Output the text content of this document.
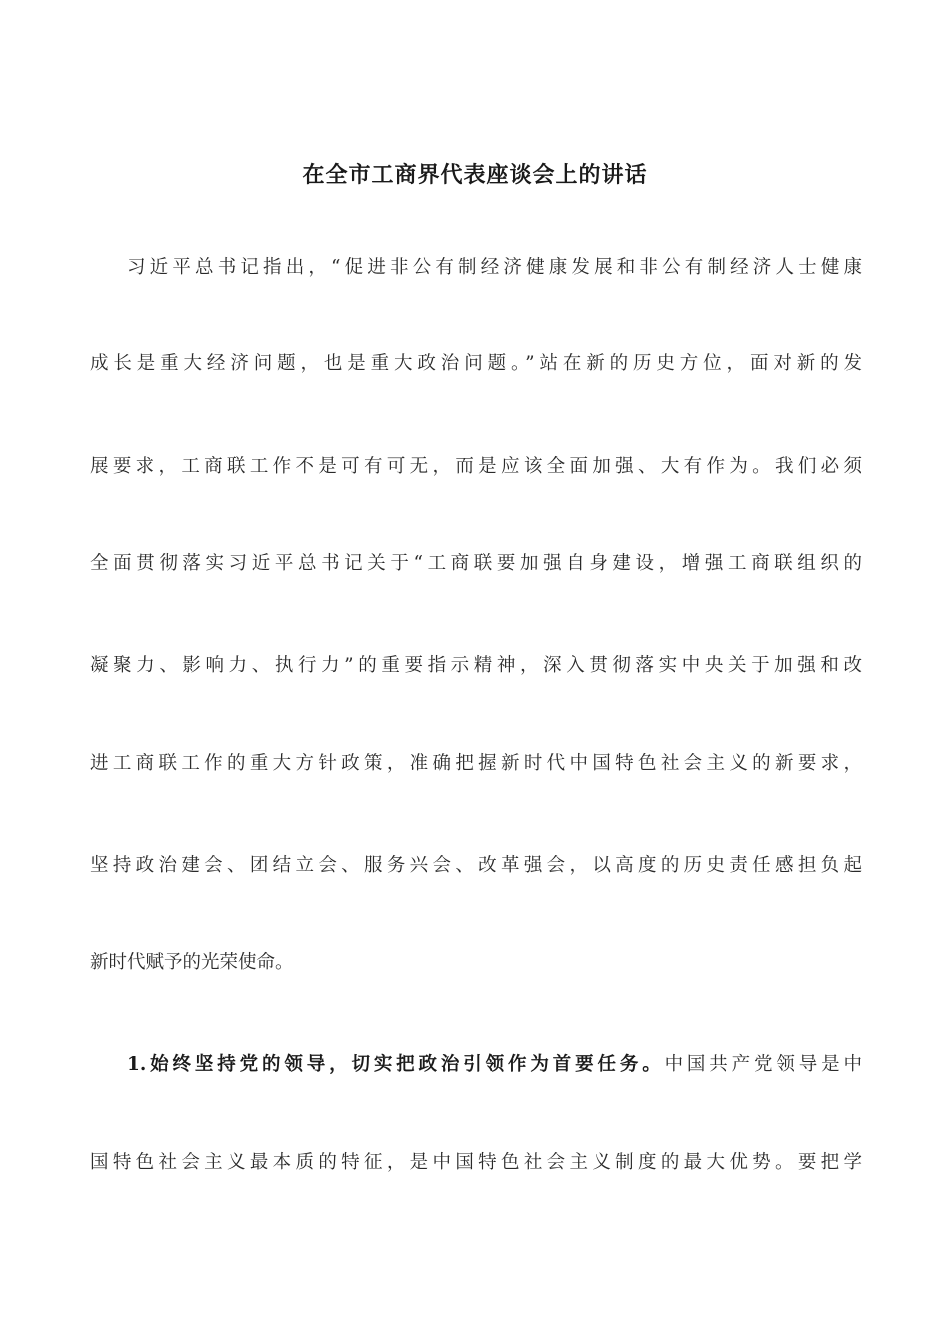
在全市工商界代表座谈会上的讲话
习近平总书记指出，“促进非公有制经济健康发展和非公有制经济人士健康
成长是重大经济问题，也是重大政治问题。”站在新的历史方位，面对新的发
展要求，工商联工作不是可有可无，而是应该全面加强、大有作为。我们必须
全面贯彻落实习近平总书记关于“工商联要加强自身建设，增强工商联组织的
凝聚力、影响力、执行力”的重要指示精神，深入贯彻落实中央关于加强和改
进工商联工作的重大方针政策，准确把握新时代中国特色社会主义的新要求，
坚持政治建会、团结立会、服务兴会、改革强会，以高度的历史责任感担负起
新时代赋予的光荣使命。
1.始终坚持党的领导，切实把政治引领作为首要任务。中国共产党领导是中
国特色社会主义最本质的特征，是中国特色社会主义制度的最大优势。要把学
